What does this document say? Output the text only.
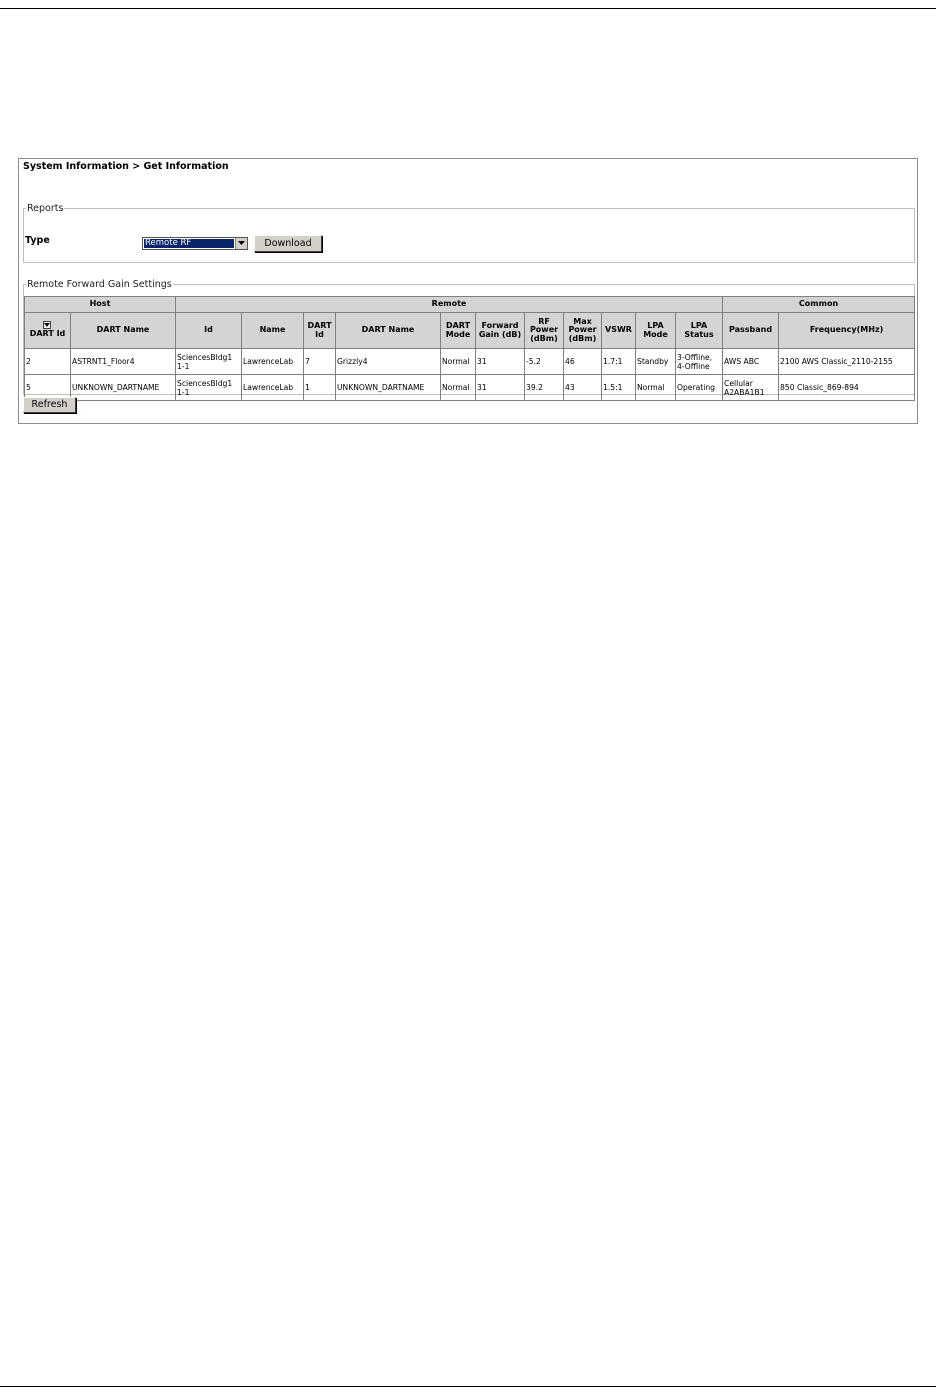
System Information > Get Information
Reports
Type	Remote RF	Download
Remote Forward Gain Settings
Host		Remote											Common	

DART Id	DART Name	Id	Name	DART Id	DART Name	DART Mode	Forward Gain (dB)	RF Power (dBm)	Max Power (dBm)	VSWR	LPA Mode	LPA Status	Passband	Frequency(MHz)
2	ASTRNT1_Floor4	SciencesBldg1 1-1	LawrenceLab	7	Grizzly4	Normal	31	-5.2	46	1.7:1	Standby	3-Offline, 4-Offline	AWS ABC	2100 AWS Classic_2110-2155
5	UNKNOWN_DARTNAME	SciencesBldg1 1-1	LawrenceLab	1	UNKNOWN_DARTNAME	Normal	31	39.2	43	1.5:1	Normal	Operating	Cellular A2ABA1B1	850 Classic_869-894
Refresh
